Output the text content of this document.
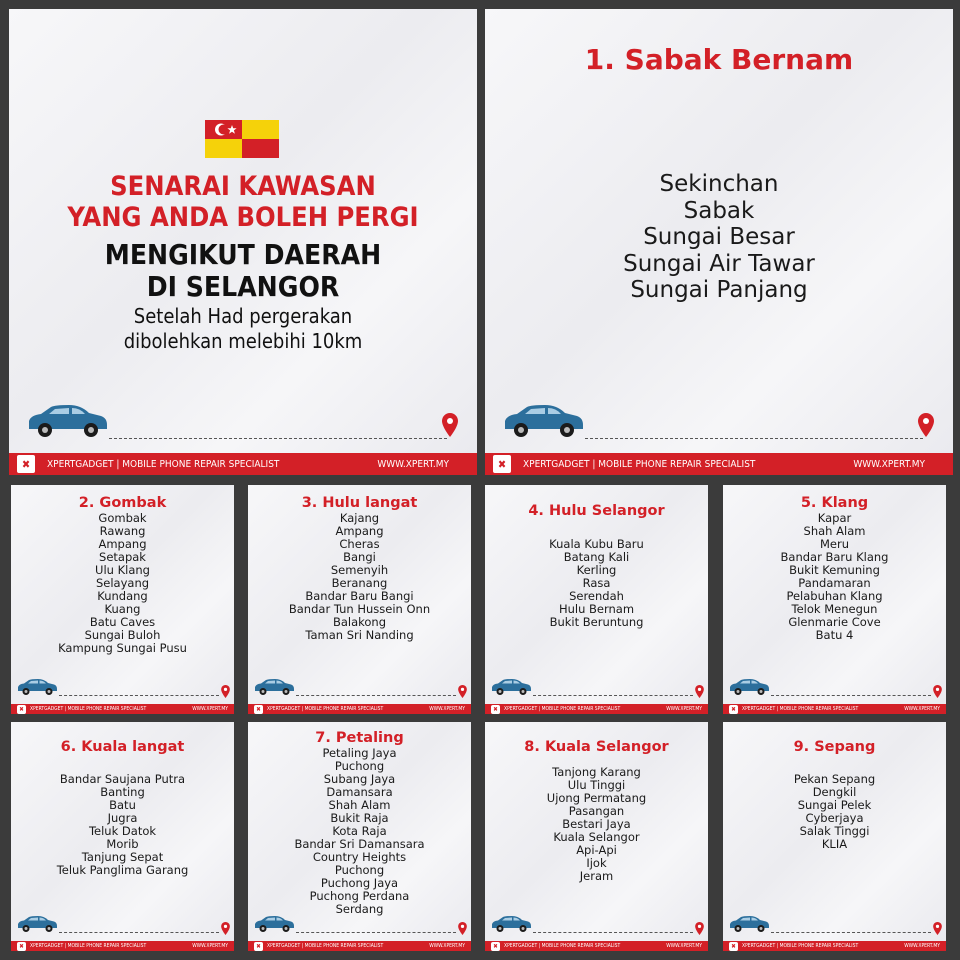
SENARAI KAWASAN
YANG ANDA BOLEH PERGI
MENGIKUT DAERAH
DI SELANGOR
Setelah Had pergerakan
dibolehkan melebihi 10km
✖	XPERTGADGET | MOBILE PHONE REPAIR SPECIALIST	WWW.XPERT.MY
1. Sabak Bernam
Sekinchan
Sabak
Sungai Besar
Sungai Air Tawar
Sungai Panjang
✖	XPERTGADGET | MOBILE PHONE REPAIR SPECIALIST	WWW.XPERT.MY
2. Gombak
Gombak
Rawang
Ampang
Setapak
Ulu Klang
Selayang
Kundang
Kuang
Batu Caves
Sungai Buloh
Kampung Sungai Pusu
✖	XPERTGADGET | MOBILE PHONE REPAIR SPECIALIST	WWW.XPERT.MY
3. Hulu langat
Kajang
Ampang
Cheras
Bangi
Semenyih
Beranang
Bandar Baru Bangi
Bandar Tun Hussein Onn
Balakong
Taman Sri Nanding
✖	XPERTGADGET | MOBILE PHONE REPAIR SPECIALIST	WWW.XPERT.MY
4. Hulu Selangor
Kuala Kubu Baru
Batang Kali
Kerling
Rasa
Serendah
Hulu Bernam
Bukit Beruntung
✖	XPERTGADGET | MOBILE PHONE REPAIR SPECIALIST	WWW.XPERT.MY
5. Klang
Kapar
Shah Alam
Meru
Bandar Baru Klang
Bukit Kemuning
Pandamaran
Pelabuhan Klang
Telok Menegun
Glenmarie Cove
Batu 4
✖	XPERTGADGET | MOBILE PHONE REPAIR SPECIALIST	WWW.XPERT.MY
6. Kuala langat
Bandar Saujana Putra
Banting
Batu
Jugra
Teluk Datok
Morib
Tanjung Sepat
Teluk Panglima Garang
✖	XPERTGADGET | MOBILE PHONE REPAIR SPECIALIST	WWW.XPERT.MY
7. Petaling
Petaling Jaya
Puchong
Subang Jaya
Damansara
Shah Alam
Bukit Raja
Kota Raja
Bandar Sri Damansara
Country Heights
Puchong
Puchong Jaya
Puchong Perdana
Serdang
✖	XPERTGADGET | MOBILE PHONE REPAIR SPECIALIST	WWW.XPERT.MY
8. Kuala Selangor
Tanjong Karang
Ulu Tinggi
Ujong Permatang
Pasangan
Bestari Jaya
Kuala Selangor
Api-Api
Ijok
Jeram
✖	XPERTGADGET | MOBILE PHONE REPAIR SPECIALIST	WWW.XPERT.MY
9. Sepang
Pekan Sepang
Dengkil
Sungai Pelek
Cyberjaya
Salak Tinggi
KLIA
✖	XPERTGADGET | MOBILE PHONE REPAIR SPECIALIST	WWW.XPERT.MY
